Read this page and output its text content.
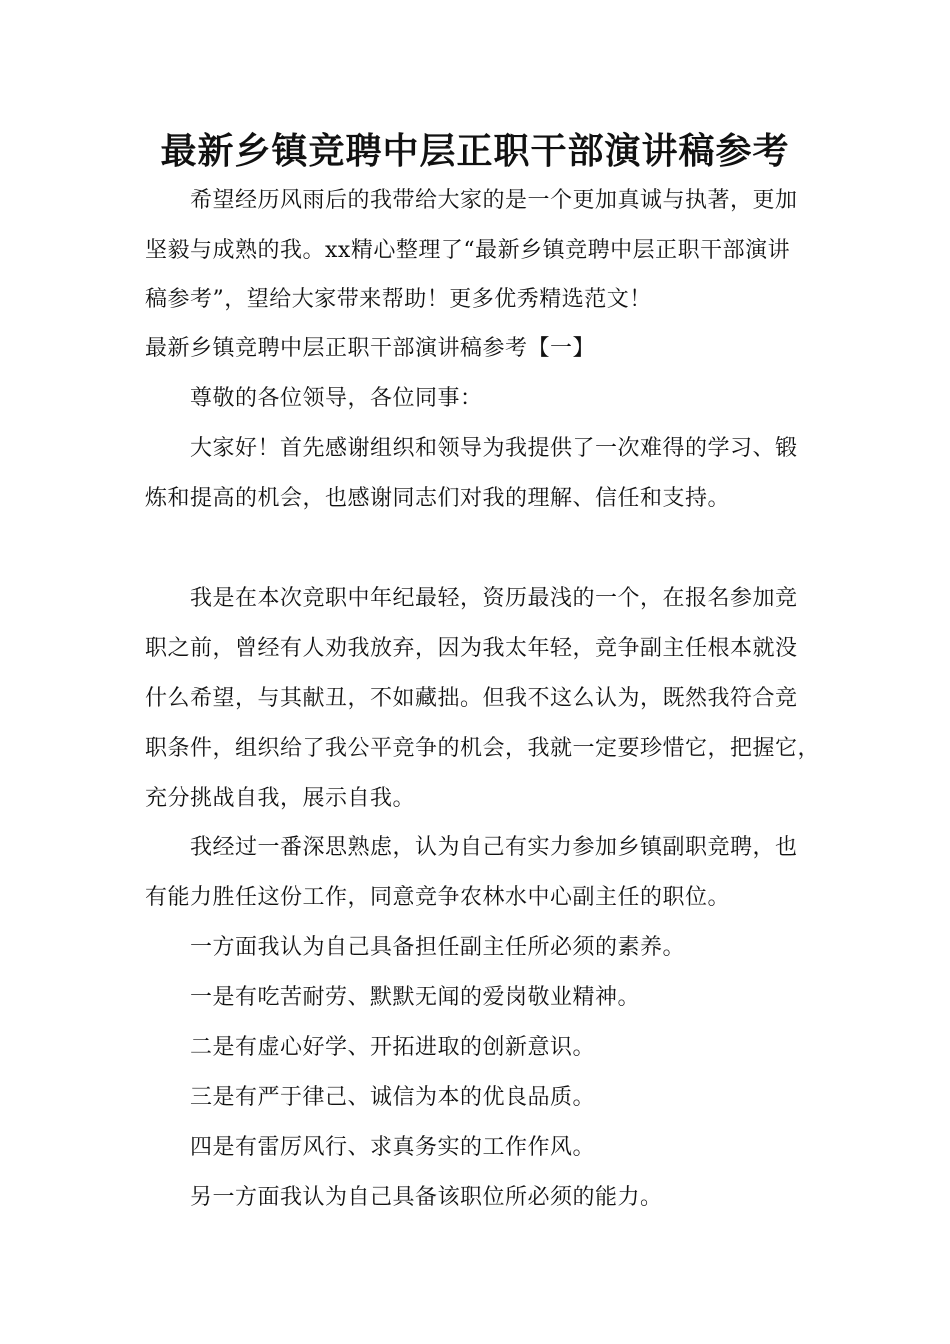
最新乡镇竞聘中层正职干部演讲稿参考
希望经历风雨后的我带给大家的是一个更加真诚与执著，更加
坚毅与成熟的我。xx精心整理了“最新乡镇竞聘中层正职干部演讲
稿参考”，望给大家带来帮助！更多优秀精选范文！
最新乡镇竞聘中层正职干部演讲稿参考【一】
尊敬的各位领导，各位同事：
大家好！首先感谢组织和领导为我提供了一次难得的学习、锻
炼和提高的机会，也感谢同志们对我的理解、信任和支持。
我是在本次竞职中年纪最轻，资历最浅的一个，在报名参加竞
职之前，曾经有人劝我放弃，因为我太年轻，竞争副主任根本就没
什么希望，与其献丑，不如藏拙。但我不这么认为，既然我符合竞
职条件，组织给了我公平竞争的机会，我就一定要珍惜它，把握它，
充分挑战自我，展示自我。
我经过一番深思熟虑，认为自己有实力参加乡镇副职竞聘，也
有能力胜任这份工作，同意竞争农林水中心副主任的职位。
一方面我认为自己具备担任副主任所必须的素养。
一是有吃苦耐劳、默默无闻的爱岗敬业精神。
二是有虚心好学、开拓进取的创新意识。
三是有严于律己、诚信为本的优良品质。
四是有雷厉风行、求真务实的工作作风。
另一方面我认为自己具备该职位所必须的能力。
